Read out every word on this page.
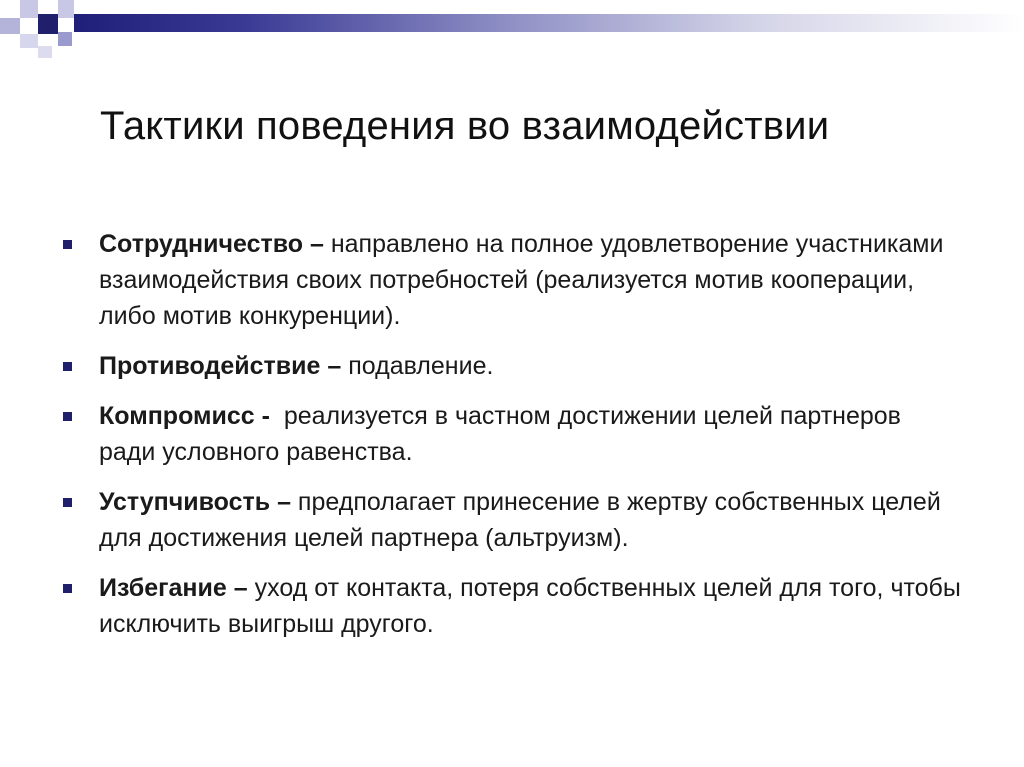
Тактики поведения во взаимодействии
Сотрудничество – направлено на полное удовлетворение участниками взаимодействия своих потребностей (реализуется мотив кооперации, либо мотив конкуренции).
Противодействие – подавление.
Компромисс -  реализуется в частном достижении целей партнеров ради условного равенства.
Уступчивость – предполагает принесение в жертву собственных целей для достижения целей партнера (альтруизм).
Избегание – уход от контакта, потеря собственных целей для того, чтобы исключить выигрыш другого.
